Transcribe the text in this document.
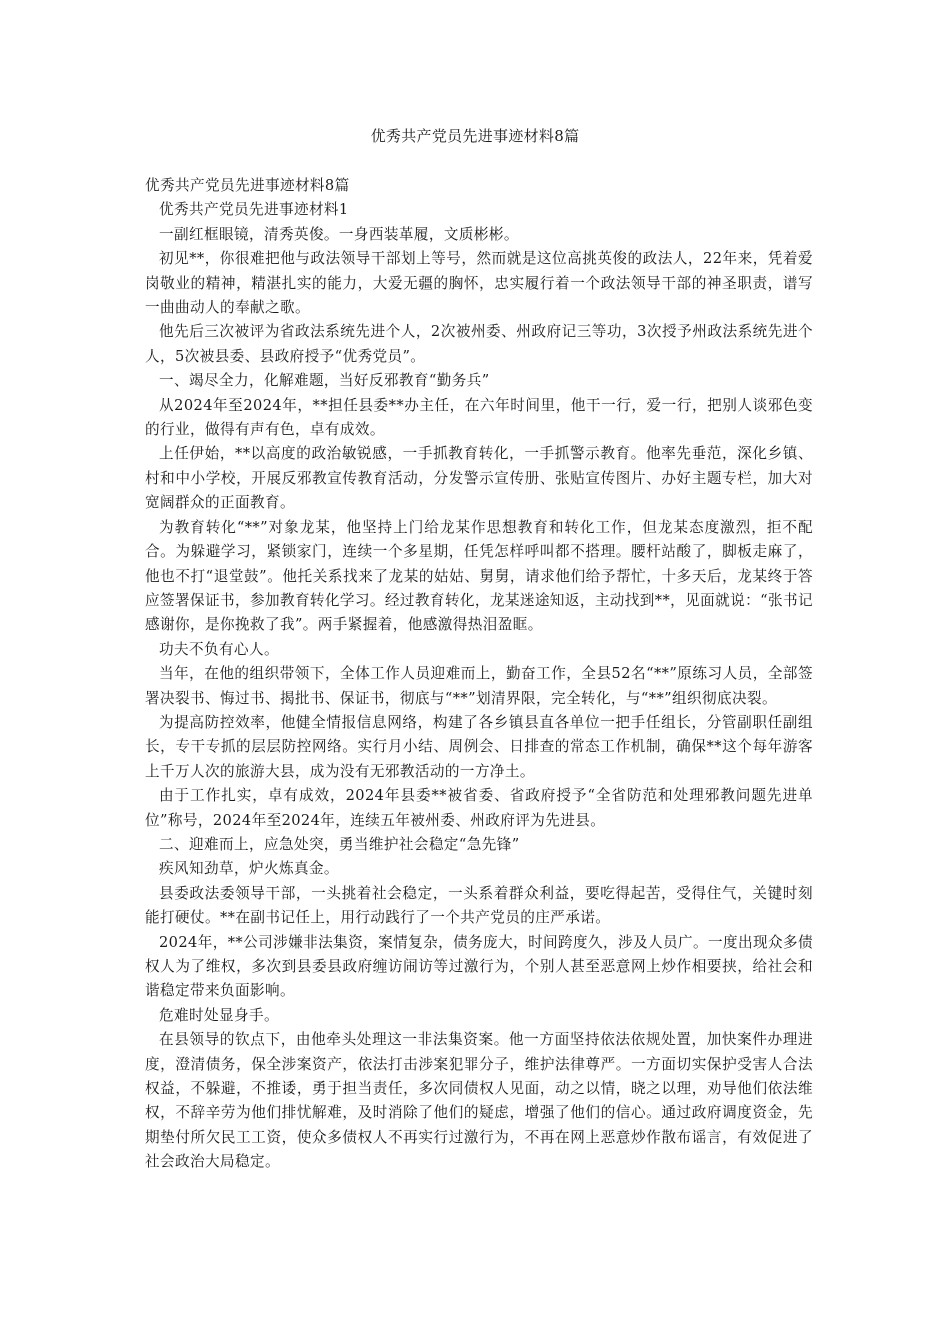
优秀共产党员先进事迹材料8篇

优秀共产党员先进事迹材料8篇

优秀共产党员先进事迹材料1

一副红框眼镜，清秀英俊。一身西装革履，文质彬彬。

初见**，你很难把他与政法领导干部划上等号，然而就是这位高挑英俊的政法人，22年来，凭着爱岗敬业的精神，精湛扎实的能力，大爱无疆的胸怀，忠实履行着一个政法领导干部的神圣职责，谱写一曲曲动人的奉献之歌。

他先后三次被评为省政法系统先进个人，2次被州委、州政府记三等功，3次授予州政法系统先进个人，5次被县委、县政府授予“优秀党员”。

一、竭尽全力，化解难题，当好反邪教育“勤务兵”

从2024年至2024年，**担任县委**办主任，在六年时间里，他干一行，爱一行，把别人谈邪色变的行业，做得有声有色，卓有成效。

上任伊始，**以高度的政治敏锐感，一手抓教育转化，一手抓警示教育。他率先垂范，深化乡镇、村和中小学校，开展反邪教宣传教育活动，分发警示宣传册、张贴宣传图片、办好主题专栏，加大对宽阔群众的正面教育。

为教育转化“**”对象龙某，他坚持上门给龙某作思想教育和转化工作，但龙某态度激烈，拒不配合。为躲避学习，紧锁家门，连续一个多星期，任凭怎样呼叫都不搭理。腰杆站酸了，脚板走麻了，他也不打“退堂鼓”。他托关系找来了龙某的姑姑、舅舅，请求他们给予帮忙，十多天后，龙某终于答应签署保证书，参加教育转化学习。经过教育转化，龙某迷途知返，主动找到**，见面就说：“张书记感谢你，是你挽救了我”。两手紧握着，他感激得热泪盈眶。

功夫不负有心人。

当年，在他的组织带领下，全体工作人员迎难而上，勤奋工作，全县52名“**”原练习人员，全部签署决裂书、悔过书、揭批书、保证书，彻底与“**”划清界限，完全转化，与“**”组织彻底决裂。

为提高防控效率，他健全情报信息网络，构建了各乡镇县直各单位一把手任组长，分管副职任副组长，专干专抓的层层防控网络。实行月小结、周例会、日排查的常态工作机制，确保**这个每年游客上千万人次的旅游大县，成为没有无邪教活动的一方净土。

由于工作扎实，卓有成效，2024年县委**被省委、省政府授予“全省防范和处理邪教问题先进单位”称号，2024年至2024年，连续五年被州委、州政府评为先进县。

二、迎难而上，应急处突，勇当维护社会稳定“急先锋”

疾风知劲草，炉火炼真金。

县委政法委领导干部，一头挑着社会稳定，一头系着群众利益，要吃得起苦，受得住气，关键时刻能打硬仗。**在副书记任上，用行动践行了一个共产党员的庄严承诺。

2024年，**公司涉嫌非法集资，案情复杂，债务庞大，时间跨度久，涉及人员广。一度出现众多债权人为了维权，多次到县委县政府缠访闹访等过激行为，个别人甚至恶意网上炒作相要挟，给社会和谐稳定带来负面影响。

危难时处显身手。

在县领导的钦点下，由他牵头处理这一非法集资案。他一方面坚持依法依规处置，加快案件办理进度，澄清债务，保全涉案资产，依法打击涉案犯罪分子，维护法律尊严。一方面切实保护受害人合法权益，不躲避，不推诿，勇于担当责任，多次同债权人见面，动之以情，晓之以理，劝导他们依法维权，不辞辛劳为他们排忧解难，及时消除了他们的疑虑，增强了他们的信心。通过政府调度资金，先期垫付所欠民工工资，使众多债权人不再实行过激行为，不再在网上恶意炒作散布谣言，有效促进了社会政治大局稳定。
